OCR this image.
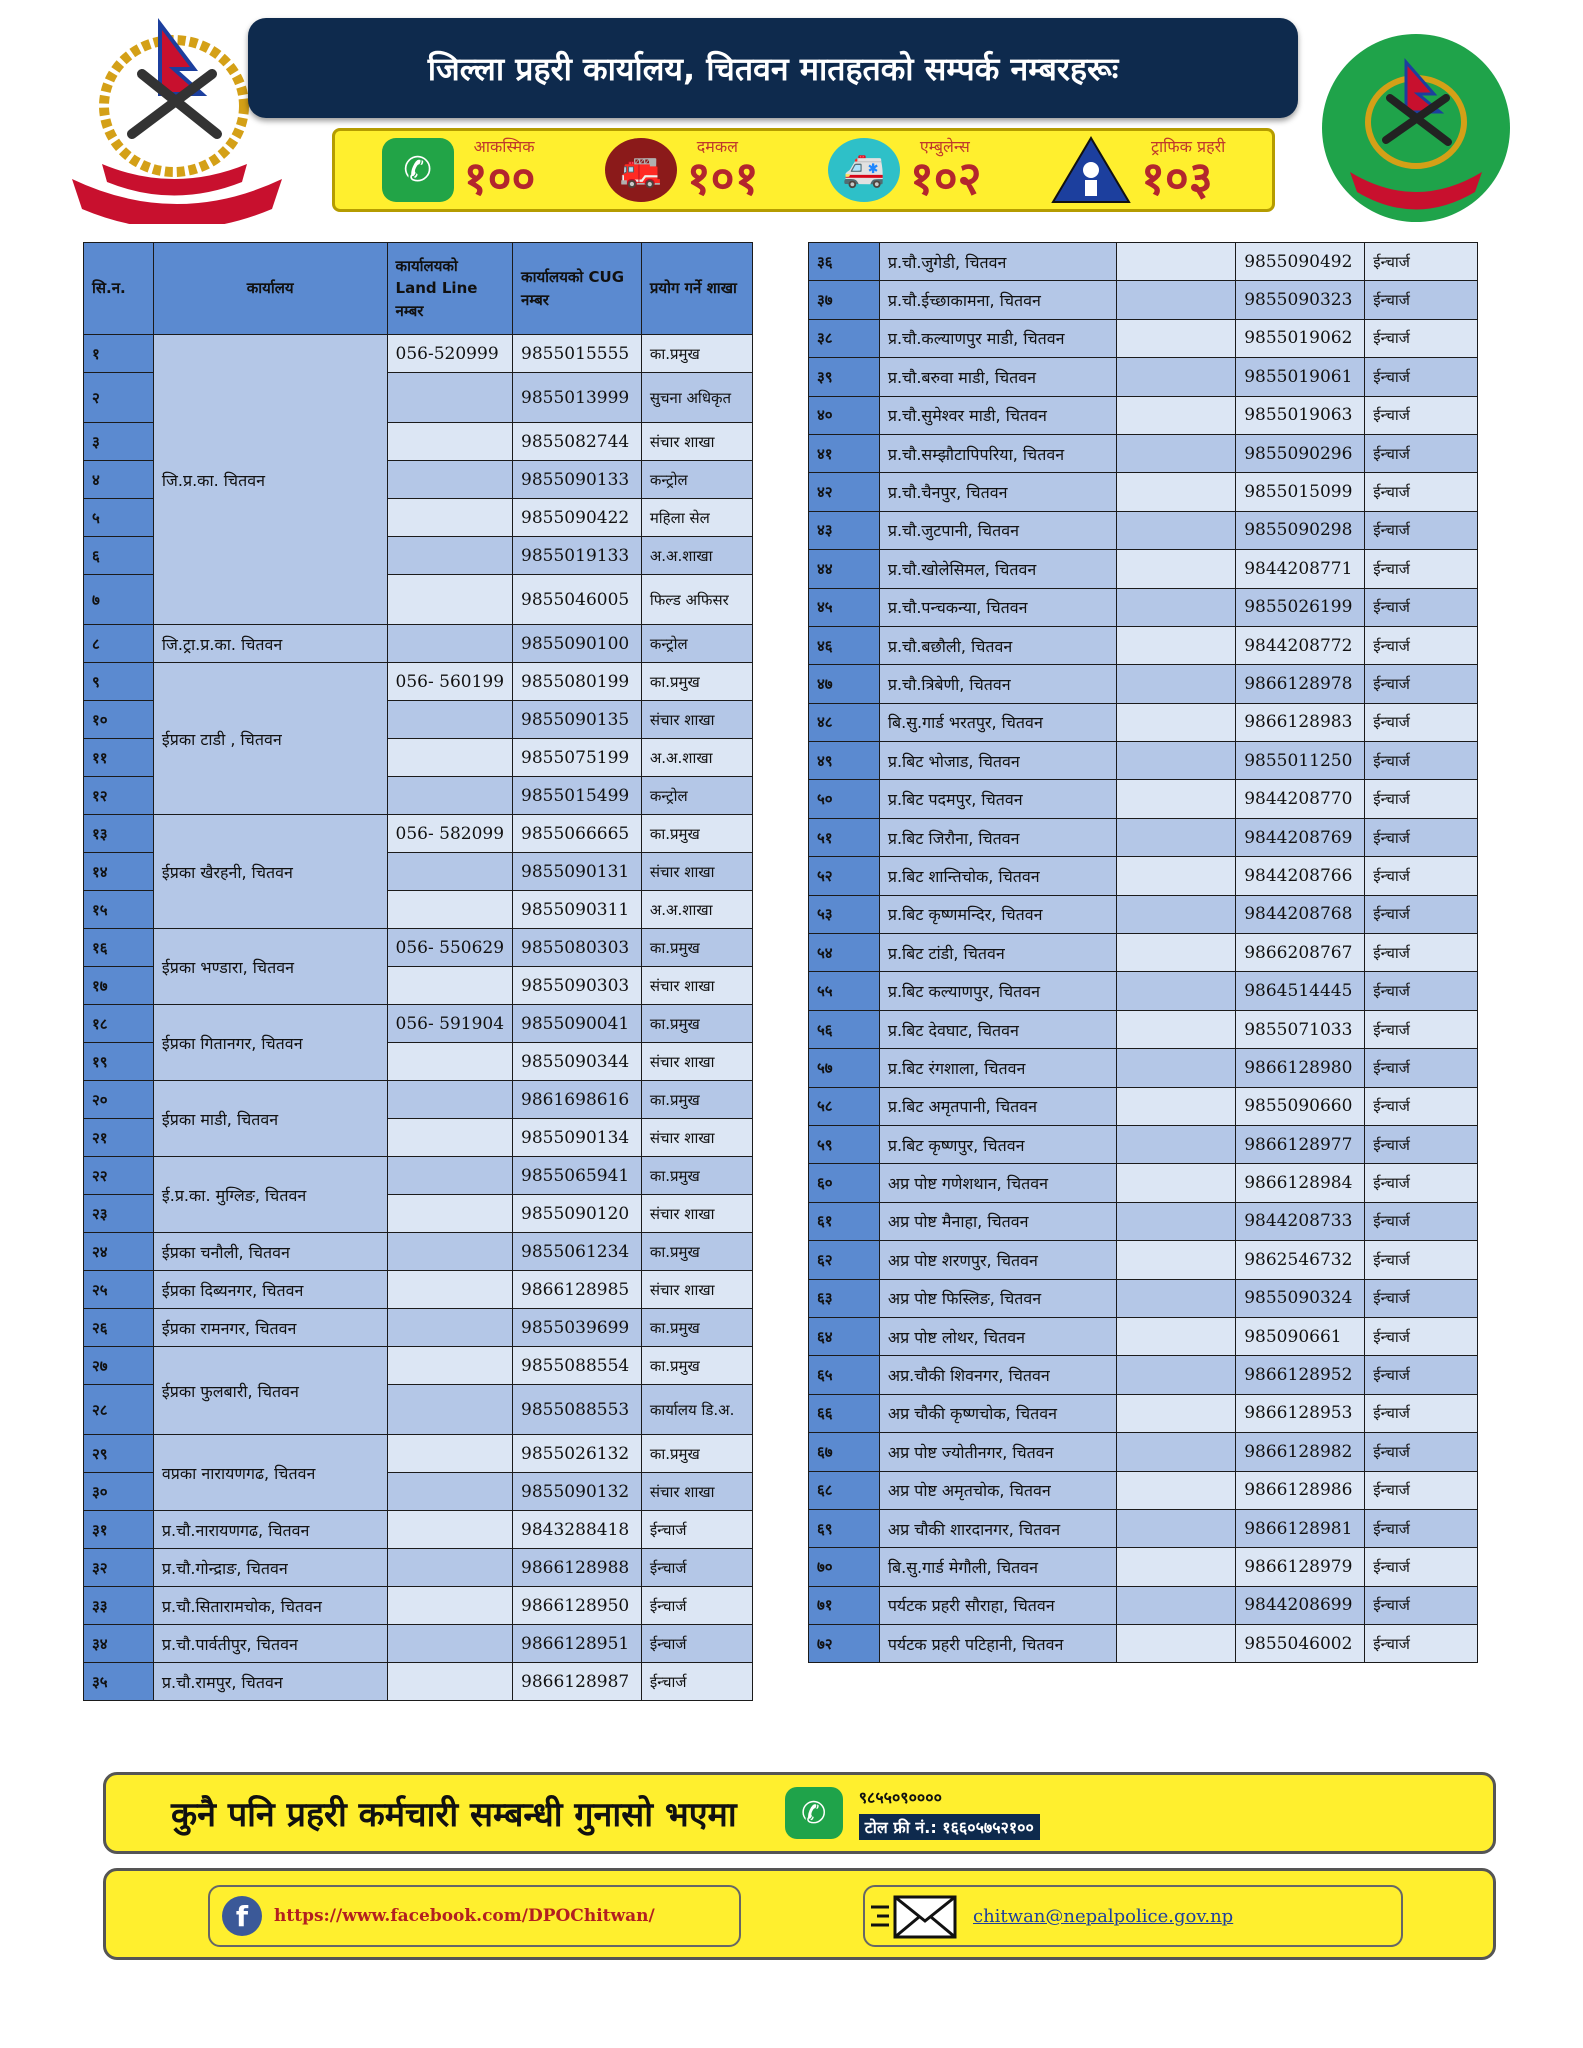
जिल्ला प्रहरी कार्यालय, चितवन मातहतको सम्पर्क नम्बरहरूः
✆
आकस्मिक
१००	🚒
दमकल
१०१	🚑
एम्बुलेन्स
१०२
ट्राफिक प्रहरी
१०३
सि.न.	कार्यालय	कार्यालयको Land Line नम्बर	कार्यालयको CUG नम्बर	प्रयोग गर्ने शाखा
१	जि.प्र.का. चितवन	056-520999	9855015555	का.प्रमुख
२			9855013999	सुचना अधिकृत
३			9855082744	संचार शाखा
४			9855090133	कन्ट्रोल
५			9855090422	महिला सेल
६			9855019133	अ.अ.शाखा
७			9855046005	फिल्ड अफिसर
८	जि.ट्रा.प्र.का. चितवन		9855090100	कन्ट्रोल
९	ईप्रका टाडी , चितवन	056- 560199	9855080199	का.प्रमुख
१०			9855090135	संचार शाखा
११			9855075199	अ.अ.शाखा
१२			9855015499	कन्ट्रोल
१३	ईप्रका खैरहनी, चितवन	056- 582099	9855066665	का.प्रमुख
१४			9855090131	संचार शाखा
१५			9855090311	अ.अ.शाखा
१६	ईप्रका भण्डारा, चितवन	056- 550629	9855080303	का.प्रमुख
१७			9855090303	संचार शाखा
१८	ईप्रका गितानगर, चितवन	056- 591904	9855090041	का.प्रमुख
१९			9855090344	संचार शाखा
२०	ईप्रका माडी, चितवन		9861698616	का.प्रमुख
२१			9855090134	संचार शाखा
२२	ई.प्र.का. मुग्लिङ, चितवन		9855065941	का.प्रमुख
२३			9855090120	संचार शाखा
२४	ईप्रका चनौली, चितवन		9855061234	का.प्रमुख
२५	ईप्रका दिब्यनगर, चितवन		9866128985	संचार शाखा
२६	ईप्रका रामनगर, चितवन		9855039699	का.प्रमुख
२७	ईप्रका फुलबारी, चितवन		9855088554	का.प्रमुख
२८			9855088553	कार्यालय डि.अ.
२९	वप्रका नारायणगढ, चितवन		9855026132	का.प्रमुख
३०			9855090132	संचार शाखा
३१	प्र.चौ.नारायणगढ, चितवन		9843288418	ईन्चार्ज
३२	प्र.चौ.गोन्द्राङ, चितवन		9866128988	ईन्चार्ज
३३	प्र.चौ.सितारामचोक, चितवन		9866128950	ईन्चार्ज
३४	प्र.चौ.पार्वतीपुर, चितवन		9866128951	ईन्चार्ज
३५	प्र.चौ.रामपुर, चितवन		9866128987	ईन्चार्ज
३६	प्र.चौ.जुगेडी, चितवन		9855090492	ईन्चार्ज
३७	प्र.चौ.ईच्छाकामना, चितवन		9855090323	ईन्चार्ज
३८	प्र.चौ.कल्याणपुर माडी, चितवन		9855019062	ईन्चार्ज
३९	प्र.चौ.बरुवा माडी, चितवन		9855019061	ईन्चार्ज
४०	प्र.चौ.सुमेश्वर माडी, चितवन		9855019063	ईन्चार्ज
४१	प्र.चौ.सम्झौटापिपरिया, चितवन		9855090296	ईन्चार्ज
४२	प्र.चौ.चैनपुर, चितवन		9855015099	ईन्चार्ज
४३	प्र.चौ.जुटपानी, चितवन		9855090298	ईन्चार्ज
४४	प्र.चौ.खोलेसिमल, चितवन		9844208771	ईन्चार्ज
४५	प्र.चौ.पन्चकन्या, चितवन		9855026199	ईन्चार्ज
४६	प्र.चौ.बछौली, चितवन		9844208772	ईन्चार्ज
४७	प्र.चौ.त्रिबेणी, चितवन		9866128978	ईन्चार्ज
४८	बि.सु.गार्ड भरतपुर, चितवन		9866128983	ईन्चार्ज
४९	प्र.बिट भोजाड, चितवन		9855011250	ईन्चार्ज
५०	प्र.बिट पदमपुर, चितवन		9844208770	ईन्चार्ज
५१	प्र.बिट जिरौना, चितवन		9844208769	ईन्चार्ज
५२	प्र.बिट शान्तिचोक, चितवन		9844208766	ईन्चार्ज
५३	प्र.बिट कृष्णमन्दिर, चितवन		9844208768	ईन्चार्ज
५४	प्र.बिट टांडी, चितवन		9866208767	ईन्चार्ज
५५	प्र.बिट कल्याणपुर, चितवन		9864514445	ईन्चार्ज
५६	प्र.बिट देवघाट, चितवन		9855071033	ईन्चार्ज
५७	प्र.बिट रंगशाला, चितवन		9866128980	ईन्चार्ज
५८	प्र.बिट अमृतपानी, चितवन		9855090660	ईन्चार्ज
५९	प्र.बिट कृष्णपुर, चितवन		9866128977	ईन्चार्ज
६०	अप्र पोष्ट गणेशथान, चितवन		9866128984	ईन्चार्ज
६१	अप्र पोष्ट मैनाहा, चितवन		9844208733	ईन्चार्ज
६२	अप्र पोष्ट शरणपुर, चितवन		9862546732	ईन्चार्ज
६३	अप्र पोष्ट फिस्लिङ, चितवन		9855090324	ईन्चार्ज
६४	अप्र पोष्ट लोथर, चितवन		985090661	ईन्चार्ज
६५	अप्र.चौकी शिवनगर, चितवन		9866128952	ईन्चार्ज
६६	अप्र चौकी कृष्णचोक, चितवन		9866128953	ईन्चार्ज
६७	अप्र पोष्ट ज्योतीनगर, चितवन		9866128982	ईन्चार्ज
६८	अप्र पोष्ट अमृतचोक, चितवन		9866128986	ईन्चार्ज
६९	अप्र चौकी शारदानगर, चितवन		9866128981	ईन्चार्ज
७०	बि.सु.गार्ड मेगौली, चितवन		9866128979	ईन्चार्ज
७१	पर्यटक प्रहरी सौराहा, चितवन		9844208699	ईन्चार्ज
७२	पर्यटक प्रहरी पटिहानी, चितवन		9855046002	ईन्चार्ज
कुनै पनि प्रहरी कर्मचारी सम्बन्धी गुनासो भएमा	✆	९८५५०९००००
टोल फ्री नं.: १६६०५७५२१००
f	https://www.facebook.com/DPOChitwan/	chitwan@nepalpolice.gov.np
